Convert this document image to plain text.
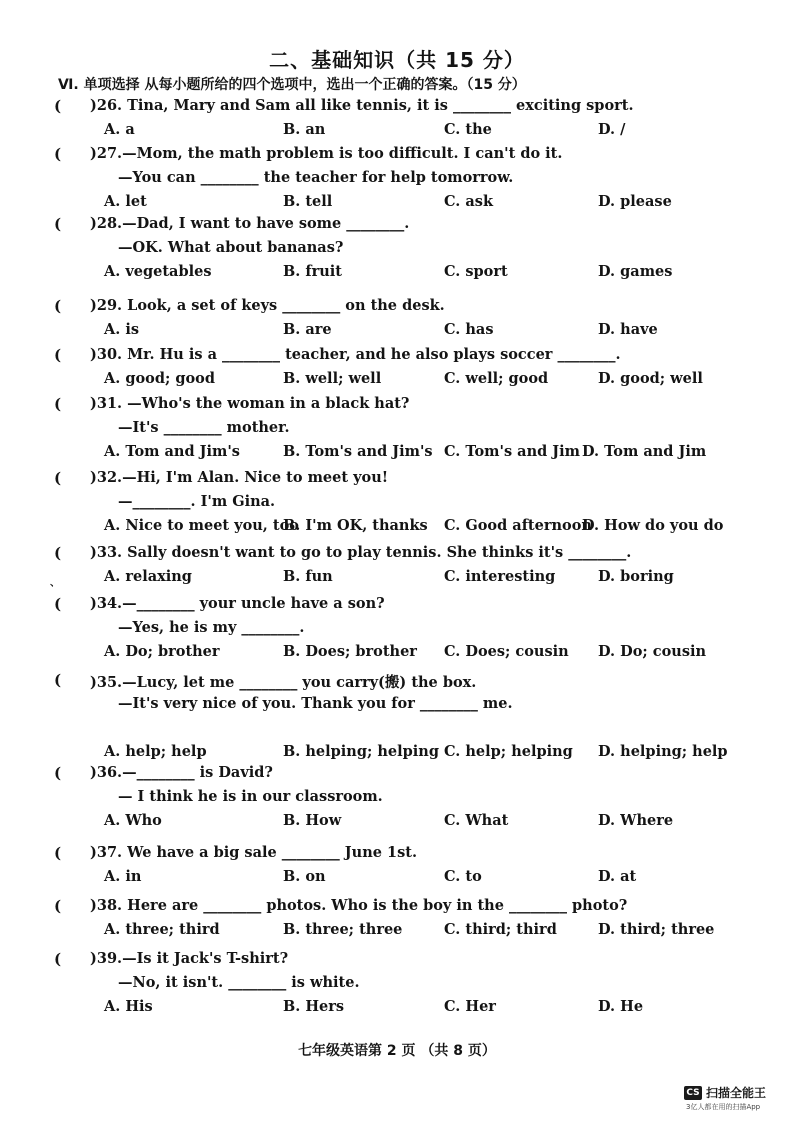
二、基础知识（共 15 分）
Ⅵ. 单项选择 从每小题所给的四个选项中，选出一个正确的答案。（15 分）
( )26. Tina, Mary and Sam all like tennis, it is ________ exciting sport.
A. a	B. an	C. the	D. /
( )27.—Mom, the math problem is too difficult. I can't do it.
—You can ________ the teacher for help tomorrow.
A. let	B. tell	C. ask	D. please
( )28.—Dad, I want to have some ________.
—OK. What about bananas?
A. vegetables	B. fruit	C. sport	D. games
( )29. Look, a set of keys ________ on the desk.
A. is	B. are	C. has	D. have
( )30. Mr. Hu is a ________ teacher, and he also plays soccer ________.
A. good; good	B. well; well	C. well; good	D. good; well
( )31. —Who's the woman in a black hat?
—It's ________ mother.
A. Tom and Jim's	B. Tom's and Jim's C. Tom's and Jim D. Tom and Jim
( )32.—Hi, I'm Alan. Nice to meet you!
—________. I'm Gina.
A. Nice to meet you, too
B. I'm OK, thanks C. Good afternoon
D. How do you do
( )33. Sally doesn't want to go to play tennis. She thinks it's ________.
A. relaxing	B. fun	C. interesting	D. boring
( )34.—________ your uncle have a son?
—Yes, he is my ________.
A. Do; brother	B. Does; brother C. Does; cousin D. Do; cousin
( )35.—Lucy, let me ________ you carry(搬) the box.
—It's very nice of you. Thank you for ________ me.
A. help; help	B. helping; helping C. help; helping D. helping; help
( )36.—________ is David?
— I think he is in our classroom.
A. Who	B. How	C. What	D. Where
( )37. We have a big sale ________ June 1st.
A. in	B. on	C. to	D. at
( )38. Here are ________ photos. Who is the boy in the ________ photo?
A. three; third	B. three; three	C. third; third	D. third; three
( )39.—Is it Jack's T-shirt?
—No, it isn't. ________ is white.
A. His	B. Hers	C. Her	D. He
、
七年级英语第 2 页 （共 8 页）
CS 扫描全能王
3亿人都在用的扫描App
